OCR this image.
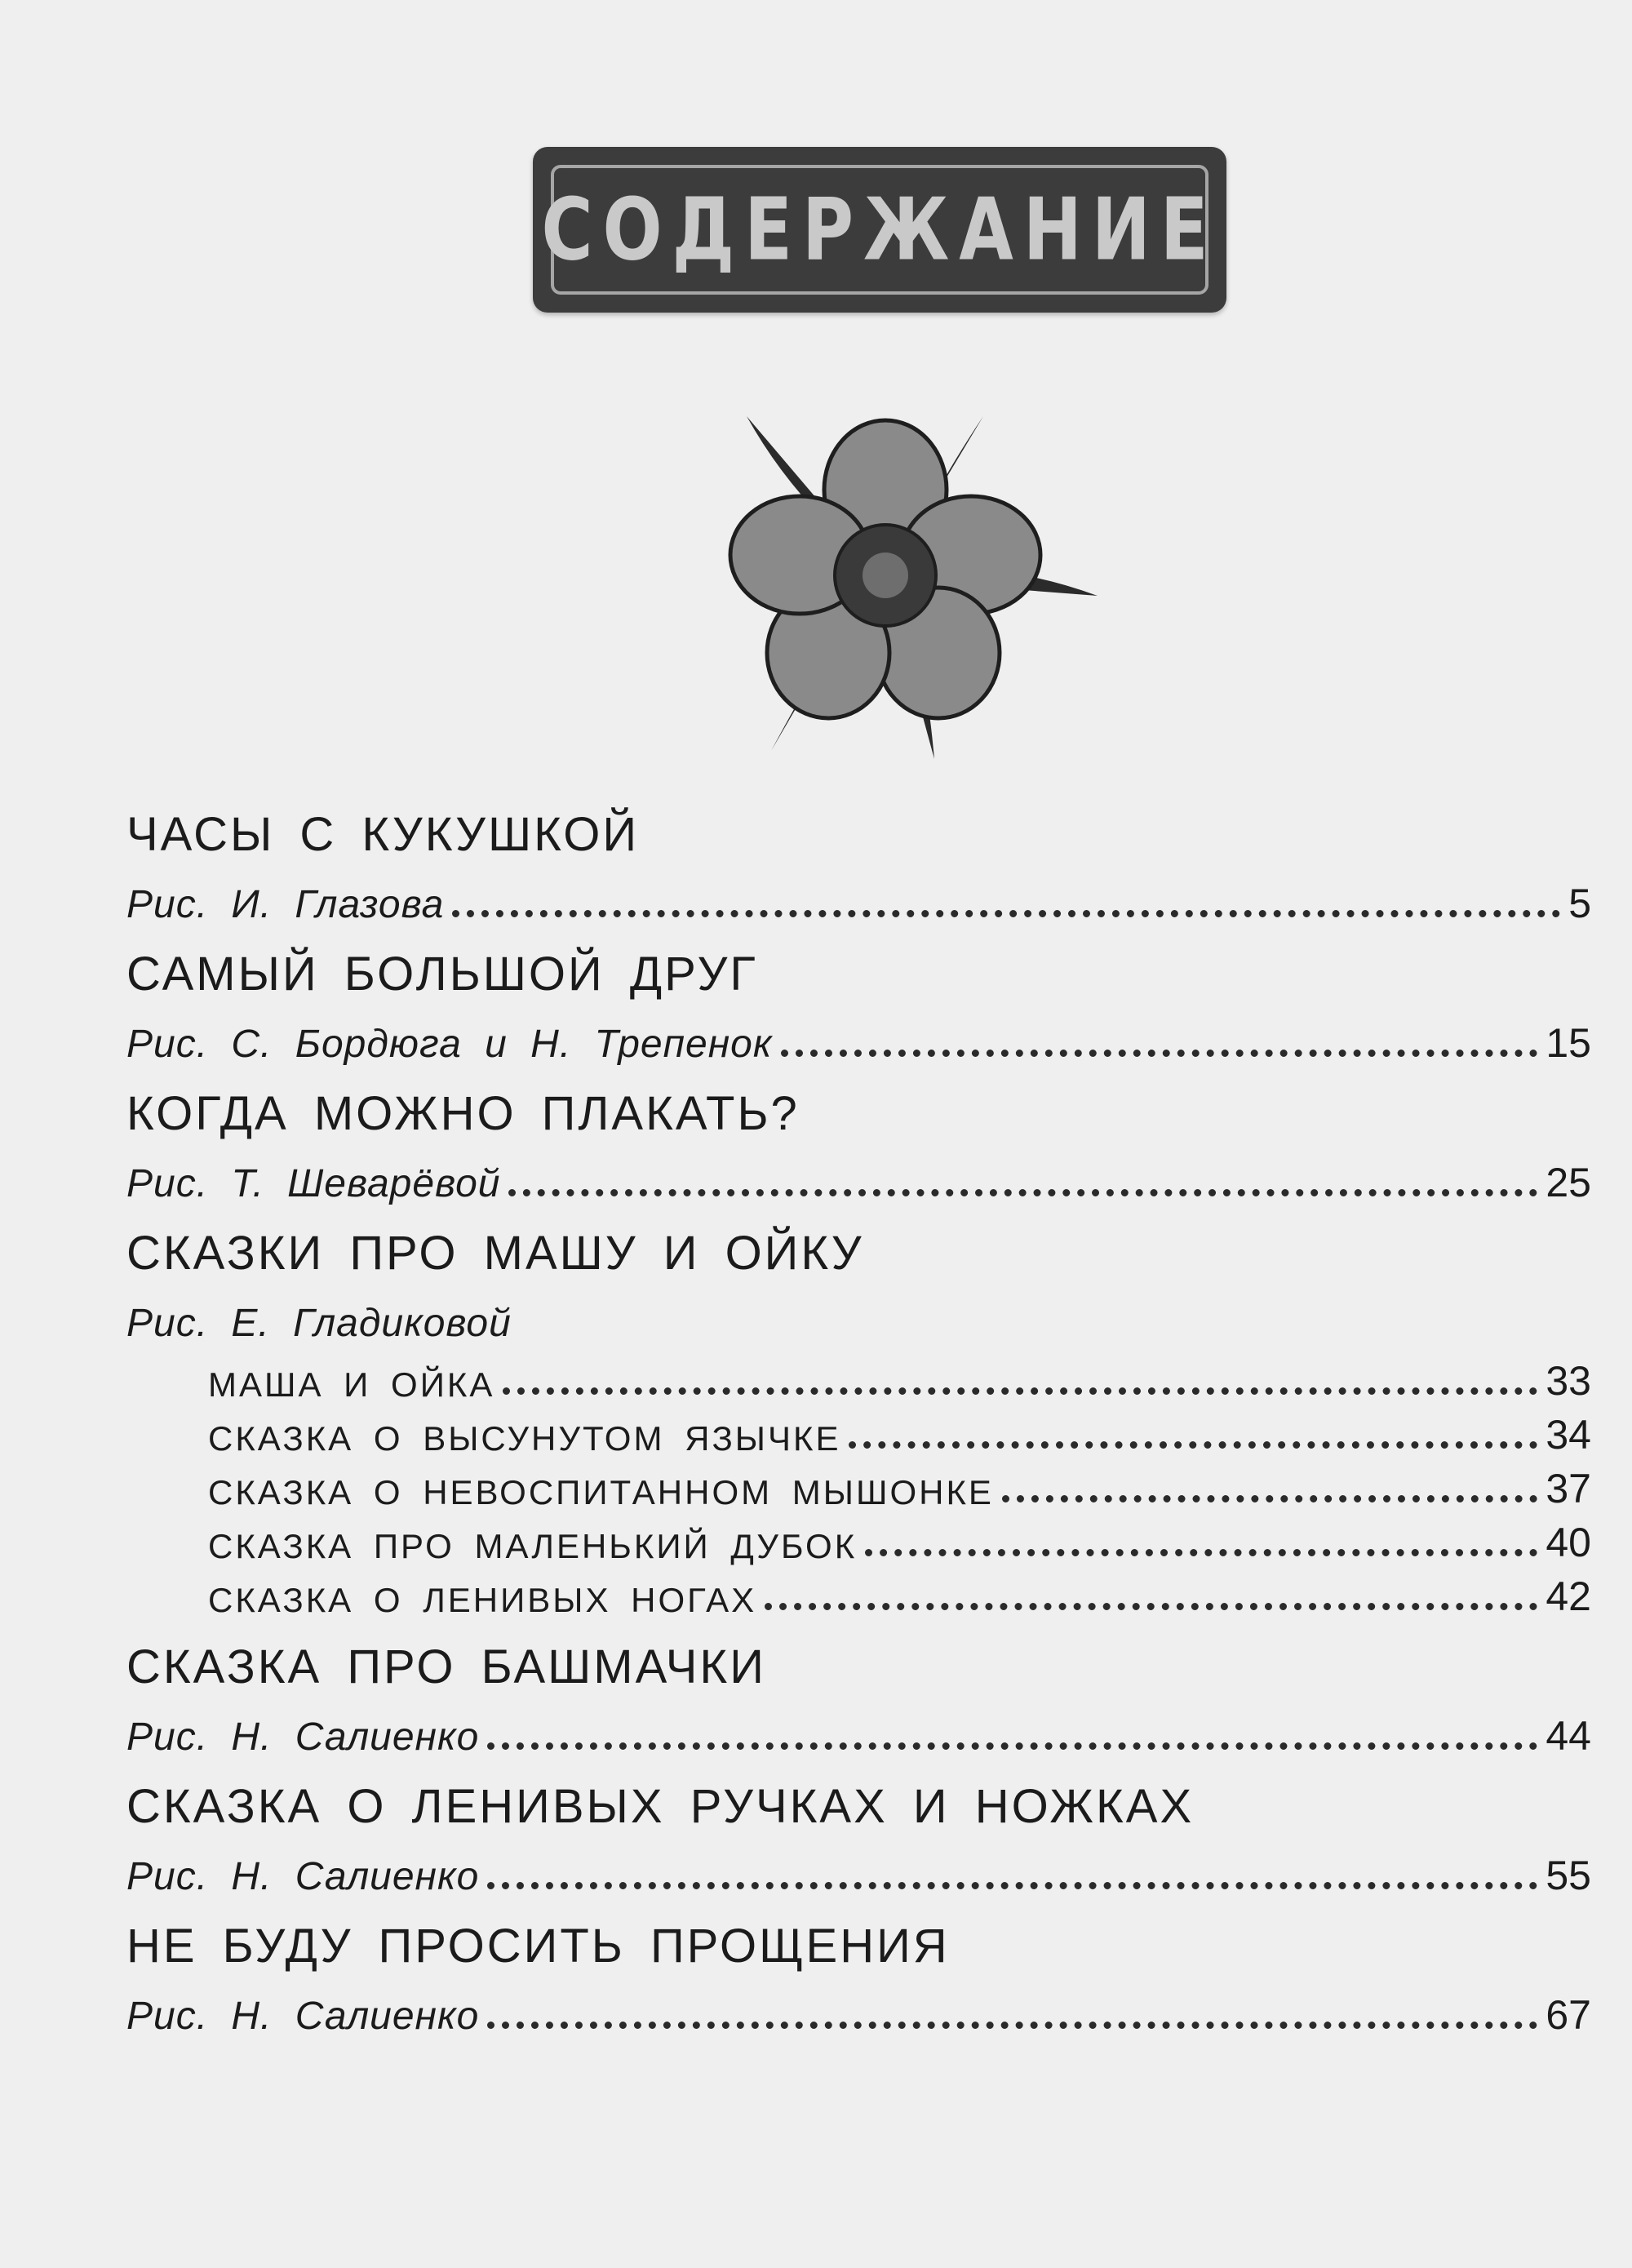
СОДЕРЖАНИЕ
ЧАСЫ С КУКУШКОЙ
Рис. И. Глазова	5
САМЫЙ БОЛЬШОЙ ДРУГ
Рис. С. Бордюга и Н. Трепенок	15
КОГДА МОЖНО ПЛАКАТЬ?
Рис. Т. Шеварёвой	25
СКАЗКИ ПРО МАШУ И ОЙКУ
Рис. Е. Гладиковой
МАША И ОЙКА	33
СКАЗКА О ВЫСУНУТОМ ЯЗЫЧКЕ	34
СКАЗКА О НЕВОСПИТАННОМ МЫШОНКЕ	37
СКАЗКА ПРО МАЛЕНЬКИЙ ДУБОК	40
СКАЗКА О ЛЕНИВЫХ НОГАХ	42
СКАЗКА ПРО БАШМАЧКИ
Рис. Н. Салиенко	44
СКАЗКА О ЛЕНИВЫХ РУЧКАХ И НОЖКАХ
Рис. Н. Салиенко	55
НЕ БУДУ ПРОСИТЬ ПРОЩЕНИЯ
Рис. Н. Салиенко	67
